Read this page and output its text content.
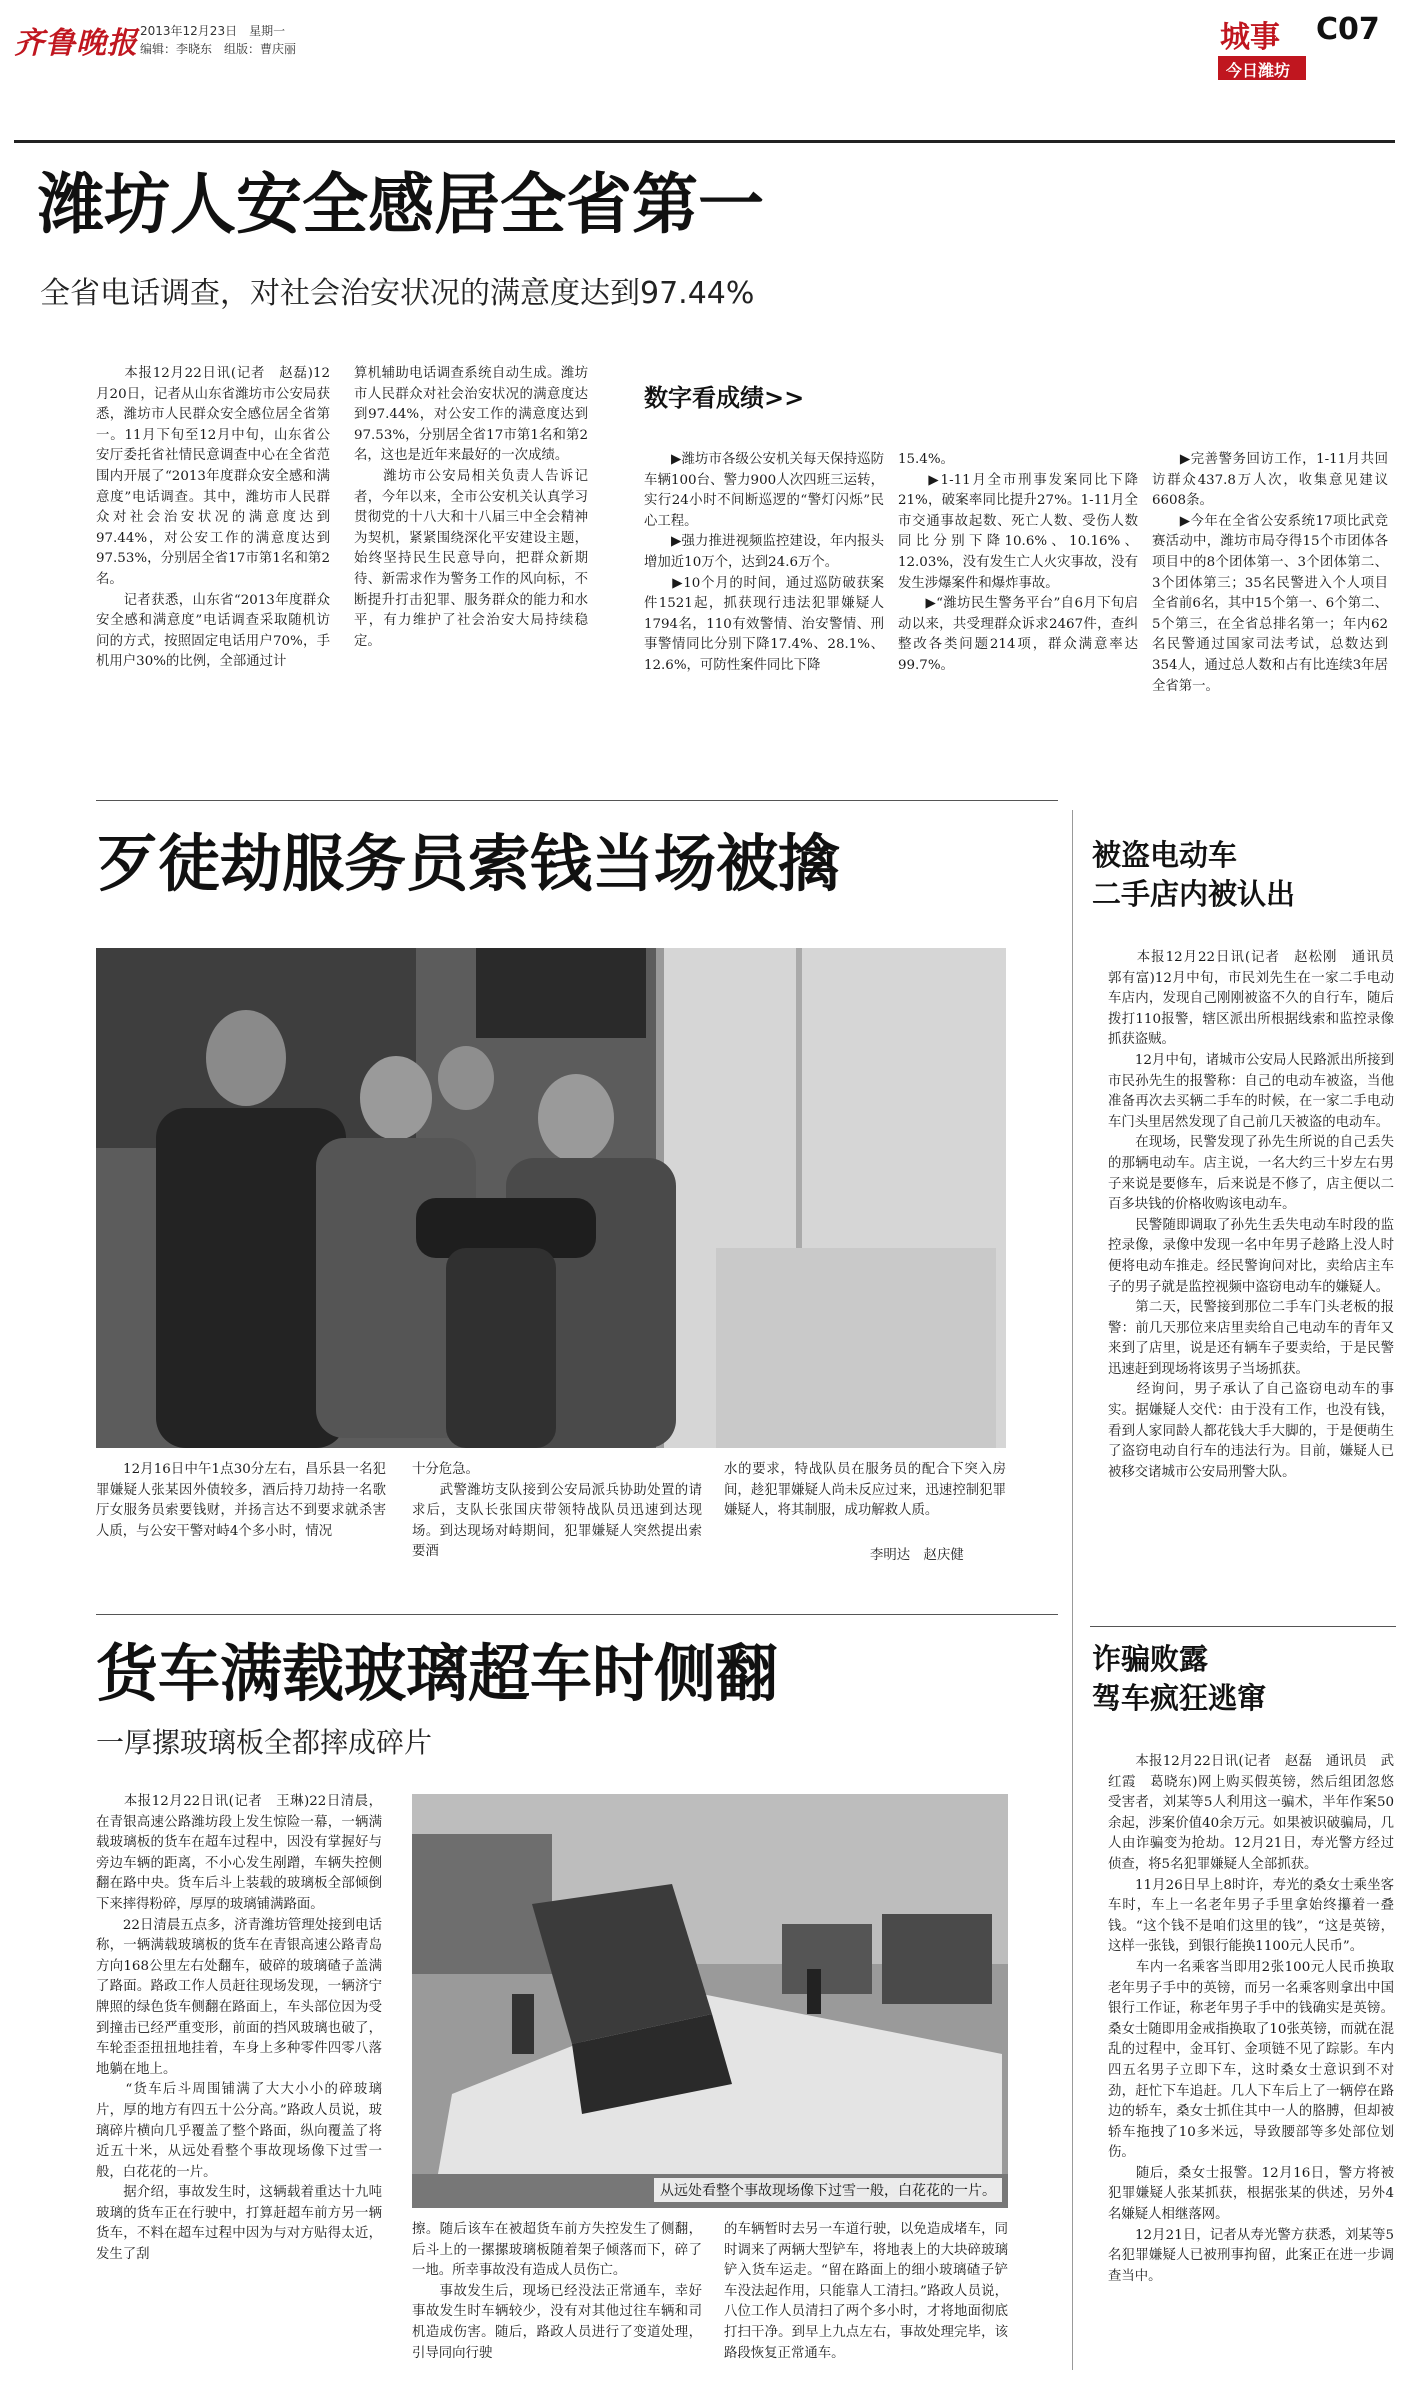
齐鲁晚报 2013年12月23日　 星期一
编辑：李晓东　组版：曹庆丽	城事 C07
今日潍坊
潍坊人安全感居全省第一
全省电话调查，对社会治安状况的满意度达到97.44%
　　本报12月22日讯(记者　赵磊)12月20日，记者从山东省潍坊市公安局获悉，潍坊市人民群众安全感位居全省第一。11月下旬至12月中旬，山东省公安厅委托省社情民意调查中心在全省范围内开展了“2013年度群众安全感和满意度”电话调查。其中，潍坊市人民群众对社会治安状况的满意度达到97.44%，对公安工作的满意度达到97.53%，分别居全省17市第1名和第2名。
　　记者获悉，山东省“2013年度群众安全感和满意度”电话调查采取随机访问的方式，按照固定电话用户70%，手机用户30%的比例，全部通过计
算机辅助电话调查系统自动生成。潍坊市人民群众对社会治安状况的满意度达到97.44%，对公安工作的满意度达到97.53%，分别居全省17市第1名和第2名，这也是近年来最好的一次成绩。
　　潍坊市公安局相关负责人告诉记者，今年以来，全市公安机关认真学习贯彻党的十八大和十八届三中全会精神为契机，紧紧围绕深化平安建设主题，始终坚持民生民意导向，把群众新期待、新需求作为警务工作的风向标，不断提升打击犯罪、服务群众的能力和水平，有力维护了社会治安大局持续稳定。
数字看成绩>>
　　▶潍坊市各级公安机关每天保持巡防车辆100台、警力900人次四班三运转，实行24小时不间断巡逻的“警灯闪烁”民心工程。
　　▶强力推进视频监控建设，年内报头增加近10万个，达到24.6万个。
　　▶10个月的时间，通过巡防破获案件1521起，抓获现行违法犯罪嫌疑人1794名，110有效警情、治安警情、刑事警情同比分别下降17.4%、28.1%、12.6%，可防性案件同比下降
15.4%。
　　▶1-11月全市刑事发案同比下降21%，破案率同比提升27%。1-11月全市交通事故起数、死亡人数、受伤人数同比分别下降10.6%、10.16%、12.03%，没有发生亡人火灾事故，没有发生涉爆案件和爆炸事故。
　　▶“潍坊民生警务平台”自6月下旬启动以来，共受理群众诉求2467件，查纠整改各类问题214项，群众满意率达99.7%。
　　▶完善警务回访工作，1-11月共回访群众437.8万人次，收集意见建议6608条。
　　▶今年在全省公安系统17项比武竞赛活动中，潍坊市局夺得15个市团体各项目中的8个团体第一、3个团体第二、3个团体第三；35名民警进入个人项目全省前6名，其中15个第一、6个第二、5个第三，在全省总排名第一；年内62名民警通过国家司法考试，总数达到354人，通过总人数和占有比连续3年居全省第一。
被盗电动车
二手店内被认出
　　本报12月22日讯(记者　赵松刚　通讯员　郭有富)12月中旬，市民刘先生在一家二手电动车店内，发现自己刚刚被盗不久的自行车，随后拨打110报警，辖区派出所根据线索和监控录像抓获盗贼。
　　12月中旬，诸城市公安局人民路派出所接到市民孙先生的报警称：自己的电动车被盗，当他准备再次去买辆二手车的时候，在一家二手电动车门头里居然发现了自己前几天被盗的电动车。
　　在现场，民警发现了孙先生所说的自己丢失的那辆电动车。店主说，一名大约三十岁左右男子来说是要修车，后来说是不修了，店主便以二百多块钱的价格收购该电动车。
　　民警随即调取了孙先生丢失电动车时段的监控录像，录像中发现一名中年男子趁路上没人时便将电动车推走。经民警询问对比，卖给店主车子的男子就是监控视频中盗窃电动车的嫌疑人。
　　第二天，民警接到那位二手车门头老板的报警：前几天那位来店里卖给自己电动车的青年又来到了店里，说是还有辆车子要卖给，于是民警迅速赶到现场将该男子当场抓获。
　　经询问，男子承认了自己盗窃电动车的事实。据嫌疑人交代：由于没有工作，也没有钱，看到人家同龄人都花钱大手大脚的，于是便萌生了盗窃电动自行车的违法行为。目前，嫌疑人已被移交诸城市公安局刑警大队。
诈骗败露
驾车疯狂逃窜
　　本报12月22日讯(记者　赵磊　通讯员　武红霞　葛晓东)网上购买假英镑，然后组团忽悠受害者，刘某等5人利用这一骗术，半年作案50余起，涉案价值40余万元。如果被识破骗局，几人由诈骗变为抢劫。12月21日，寿光警方经过侦查，将5名犯罪嫌疑人全部抓获。
　　11月26日早上8时许，寿光的桑女士乘坐客车时，车上一名老年男子手里拿始终攥着一叠钱。“这个钱不是咱们这里的钱”，“这是英镑，这样一张钱，到银行能换1100元人民币”。
　　车内一名乘客当即用2张100元人民币换取老年男子手中的英镑，而另一名乘客则拿出中国银行工作证，称老年男子手中的钱确实是英镑。桑女士随即用金戒指换取了10张英镑，而就在混乱的过程中，金耳钉、金项链不见了踪影。车内四五名男子立即下车，这时桑女士意识到不对劲，赶忙下车追赶。几人下车后上了一辆停在路边的轿车，桑女士抓住其中一人的胳膊，但却被轿车拖拽了10多米远，导致腰部等多处部位划伤。
　　随后，桑女士报警。12月16日，警方将被犯罪嫌疑人张某抓获，根据张某的供述，另外4名嫌疑人相继落网。
　　12月21日，记者从寿光警方获悉，刘某等5名犯罪嫌疑人已被刑事拘留，此案正在进一步调查当中。
歹徒劫服务员索钱当场被擒
　　12月16日中午1点30分左右，昌乐县一名犯罪嫌疑人张某因外债较多，酒后持刀劫持一名歌厅女服务员索要钱财，并扬言达不到要求就杀害人质，与公安干警对峙4个多小时，情况
十分危急。
　　武警潍坊支队接到公安局派兵协助处置的请求后，支队长张国庆带领特战队员迅速到达现场。到达现场对峙期间，犯罪嫌疑人突然提出索要酒
水的要求，特战队员在服务员的配合下突入房间，趁犯罪嫌疑人尚未反应过来，迅速控制犯罪嫌疑人，将其制服，成功解救人质。
李明达　赵庆健
货车满载玻璃超车时侧翻
一厚摞玻璃板全都摔成碎片
　　本报12月22日讯(记者　王琳)22日清晨，在青银高速公路潍坊段上发生惊险一幕，一辆满载玻璃板的货车在超车过程中，因没有掌握好与旁边车辆的距离，不小心发生剐蹭，车辆失控侧翻在路中央。货车后斗上装载的玻璃板全部倾倒下来摔得粉碎，厚厚的玻璃铺满路面。
　　22日清晨五点多，济青潍坊管理处接到电话称，一辆满载玻璃板的货车在青银高速公路青岛方向168公里左右处翻车，破碎的玻璃碴子盖满了路面。路政工作人员赶往现场发现，一辆济宁牌照的绿色货车侧翻在路面上，车头部位因为受到撞击已经严重变形，前面的挡风玻璃也破了，车轮歪歪扭扭地挂着，车身上多种零件四零八落地躺在地上。
　　“货车后斗周围铺满了大大小小的碎玻璃片，厚的地方有四五十公分高。”路政人员说，玻璃碎片横向几乎覆盖了整个路面，纵向覆盖了将近五十米，从远处看整个事故现场像下过雪一般，白花花的一片。
　　据介绍，事故发生时，这辆载着重达十九吨玻璃的货车正在行驶中，打算赶超车前方另一辆货车，不料在超车过程中因为与对方贴得太近，发生了刮
从远处看整个事故现场像下过雪一般，白花花的一片。
擦。随后该车在被超货车前方失控发生了侧翻，后斗上的一摞摞玻璃板随着架子倾落而下，碎了一地。所幸事故没有造成人员伤亡。
　　事故发生后，现场已经没法正常通车，幸好事故发生时车辆较少，没有对其他过往车辆和司机造成伤害。随后，路政人员进行了变道处理，引导同向行驶
的车辆暂时去另一车道行驶，以免造成堵车，同时调来了两辆大型铲车，将地表上的大块碎玻璃铲入货车运走。“留在路面上的细小玻璃碴子铲车没法起作用，只能靠人工清扫。”路政人员说，八位工作人员清扫了两个多小时，才将地面彻底打扫干净。到早上九点左右，事故处理完毕，该路段恢复正常通车。
